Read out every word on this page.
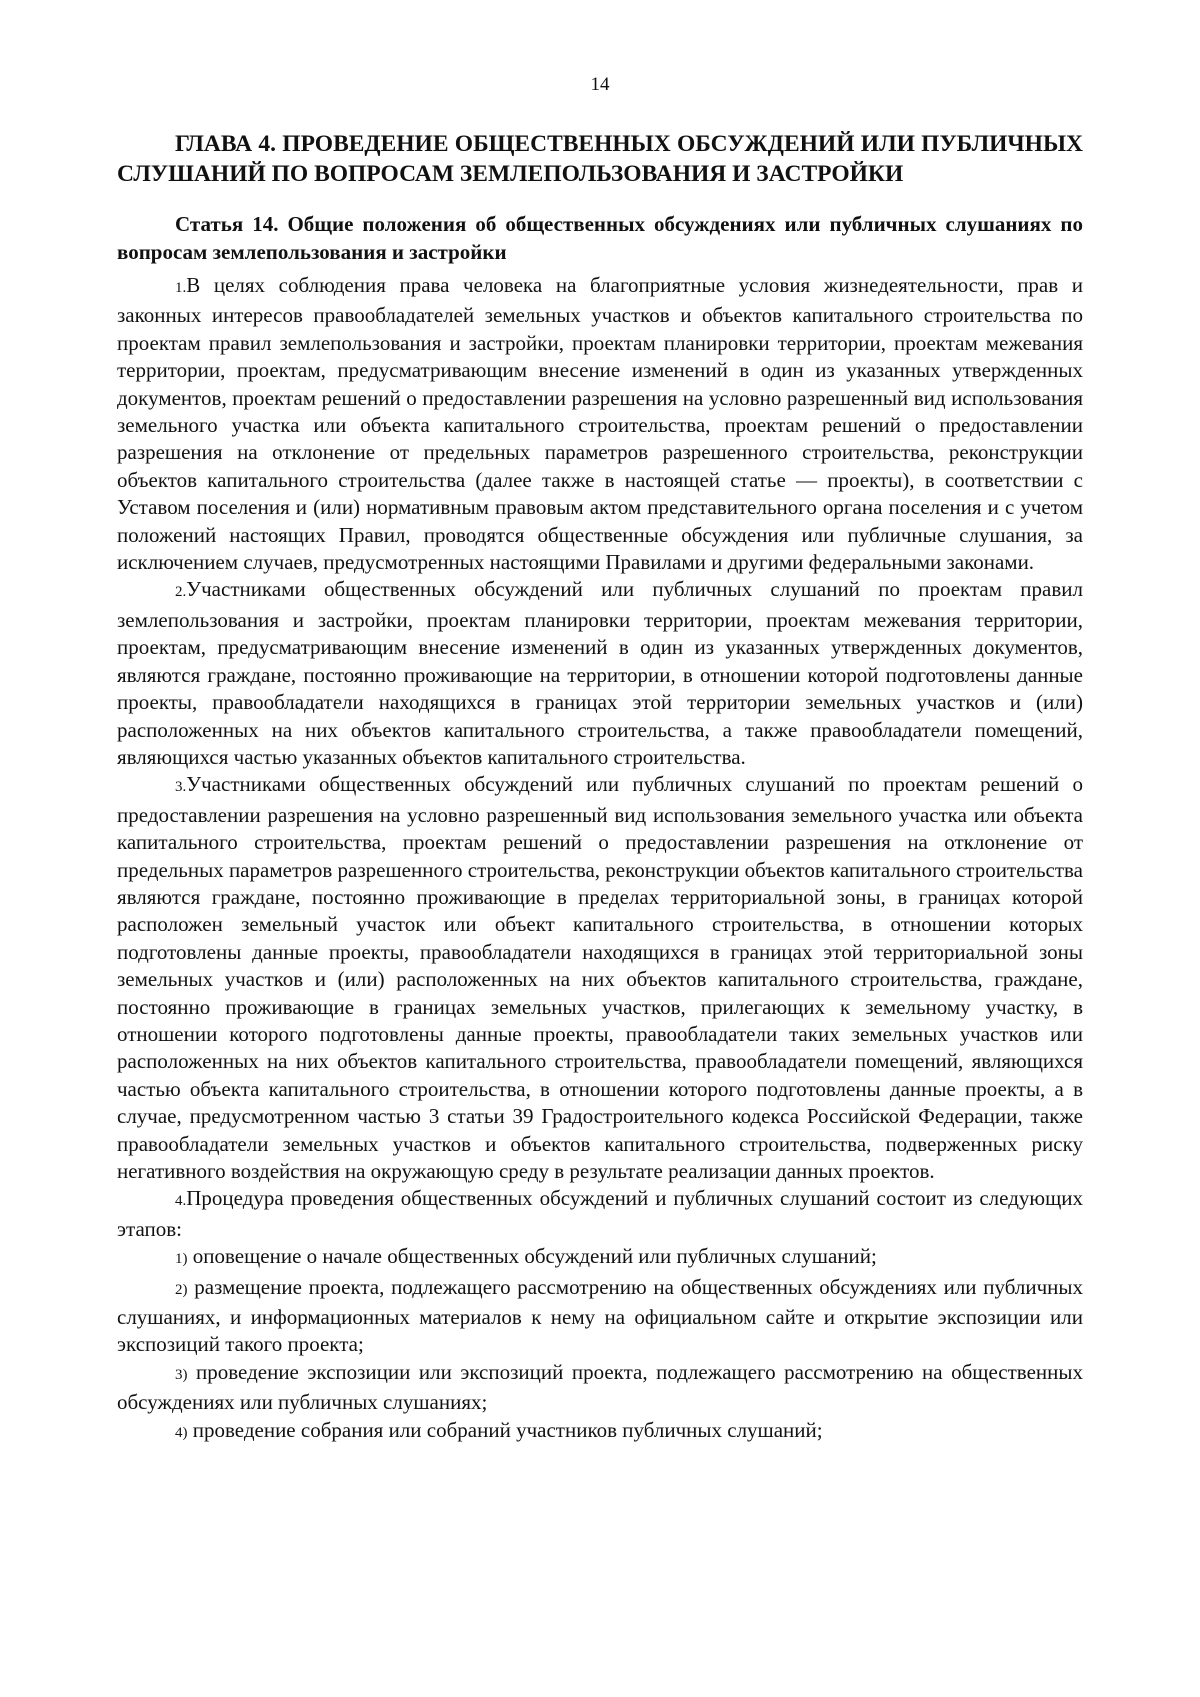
14
ГЛАВА 4. ПРОВЕДЕНИЕ ОБЩЕСТВЕННЫХ ОБСУЖДЕНИЙ ИЛИ ПУБЛИЧНЫХ СЛУШАНИЙ ПО ВОПРОСАМ ЗЕМЛЕПОЛЬЗОВАНИЯ И ЗАСТРОЙКИ
Статья 14. Общие положения об общественных обсуждениях или публичных слушаниях по вопросам землепользования и застройки

1.В целях соблюдения права человека на благоприятные условия жизнедеятельности, прав и законных интересов правообладателей земельных участков и объектов капитального строительства по проектам правил землепользования и застройки, проектам планировки территории, проектам межевания территории, проектам, предусматривающим внесение изменений в один из указанных утвержденных документов, проектам решений о предоставлении разрешения на условно разрешенный вид использования земельного участка или объекта капитального строительства, проектам решений о предоставлении разрешения на отклонение от предельных параметров разрешенного строительства, реконструкции объектов капитального строительства (далее также в настоящей статье — проекты), в соответствии с Уставом поселения и (или) нормативным правовым актом представительного органа поселения и с учетом положений настоящих Правил, проводятся общественные обсуждения или публичные слушания, за исключением случаев, предусмотренных настоящими Правилами и другими федеральными законами.

2.Участниками общественных обсуждений или публичных слушаний по проектам правил землепользования и застройки, проектам планировки территории, проектам межевания территории, проектам, предусматривающим внесение изменений в один из указанных утвержденных документов, являются граждане, постоянно проживающие на территории, в отношении которой подготовлены данные проекты, правообладатели находящихся в границах этой территории земельных участков и (или) расположенных на них объектов капитального строительства, а также правообладатели помещений, являющихся частью указанных объектов капитального строительства.

3.Участниками общественных обсуждений или публичных слушаний по проектам решений о предоставлении разрешения на условно разрешенный вид использования земельного участка или объекта капитального строительства, проектам решений о предоставлении разрешения на отклонение от предельных параметров разрешенного строительства, реконструкции объектов капитального строительства являются граждане, постоянно проживающие в пределах территориальной зоны, в границах которой расположен земельный участок или объект капитального строительства, в отношении которых подготовлены данные проекты, правообладатели находящихся в границах этой территориальной зоны земельных участков и (или) расположенных на них объектов капитального строительства, граждане, постоянно проживающие в границах земельных участков, прилегающих к земельному участку, в отношении которого подготовлены данные проекты, правообладатели таких земельных участков или расположенных на них объектов капитального строительства, правообладатели помещений, являющихся частью объекта капитального строительства, в отношении которого подготовлены данные проекты, а в случае, предусмотренном частью 3 статьи 39 Градостроительного кодекса Российской Федерации, также правообладатели земельных участков и объектов капитального строительства, подверженных риску негативного воздействия на окружающую среду в результате реализации данных проектов.

4.Процедура проведения общественных обсуждений и публичных слушаний состоит из следующих этапов:

1) оповещение о начале общественных обсуждений или публичных слушаний;

2) размещение проекта, подлежащего рассмотрению на общественных обсуждениях или публичных слушаниях, и информационных материалов к нему на официальном сайте и открытие экспозиции или экспозиций такого проекта;

3) проведение экспозиции или экспозиций проекта, подлежащего рассмотрению на общественных обсуждениях или публичных слушаниях;

4) проведение собрания или собраний участников публичных слушаний;
